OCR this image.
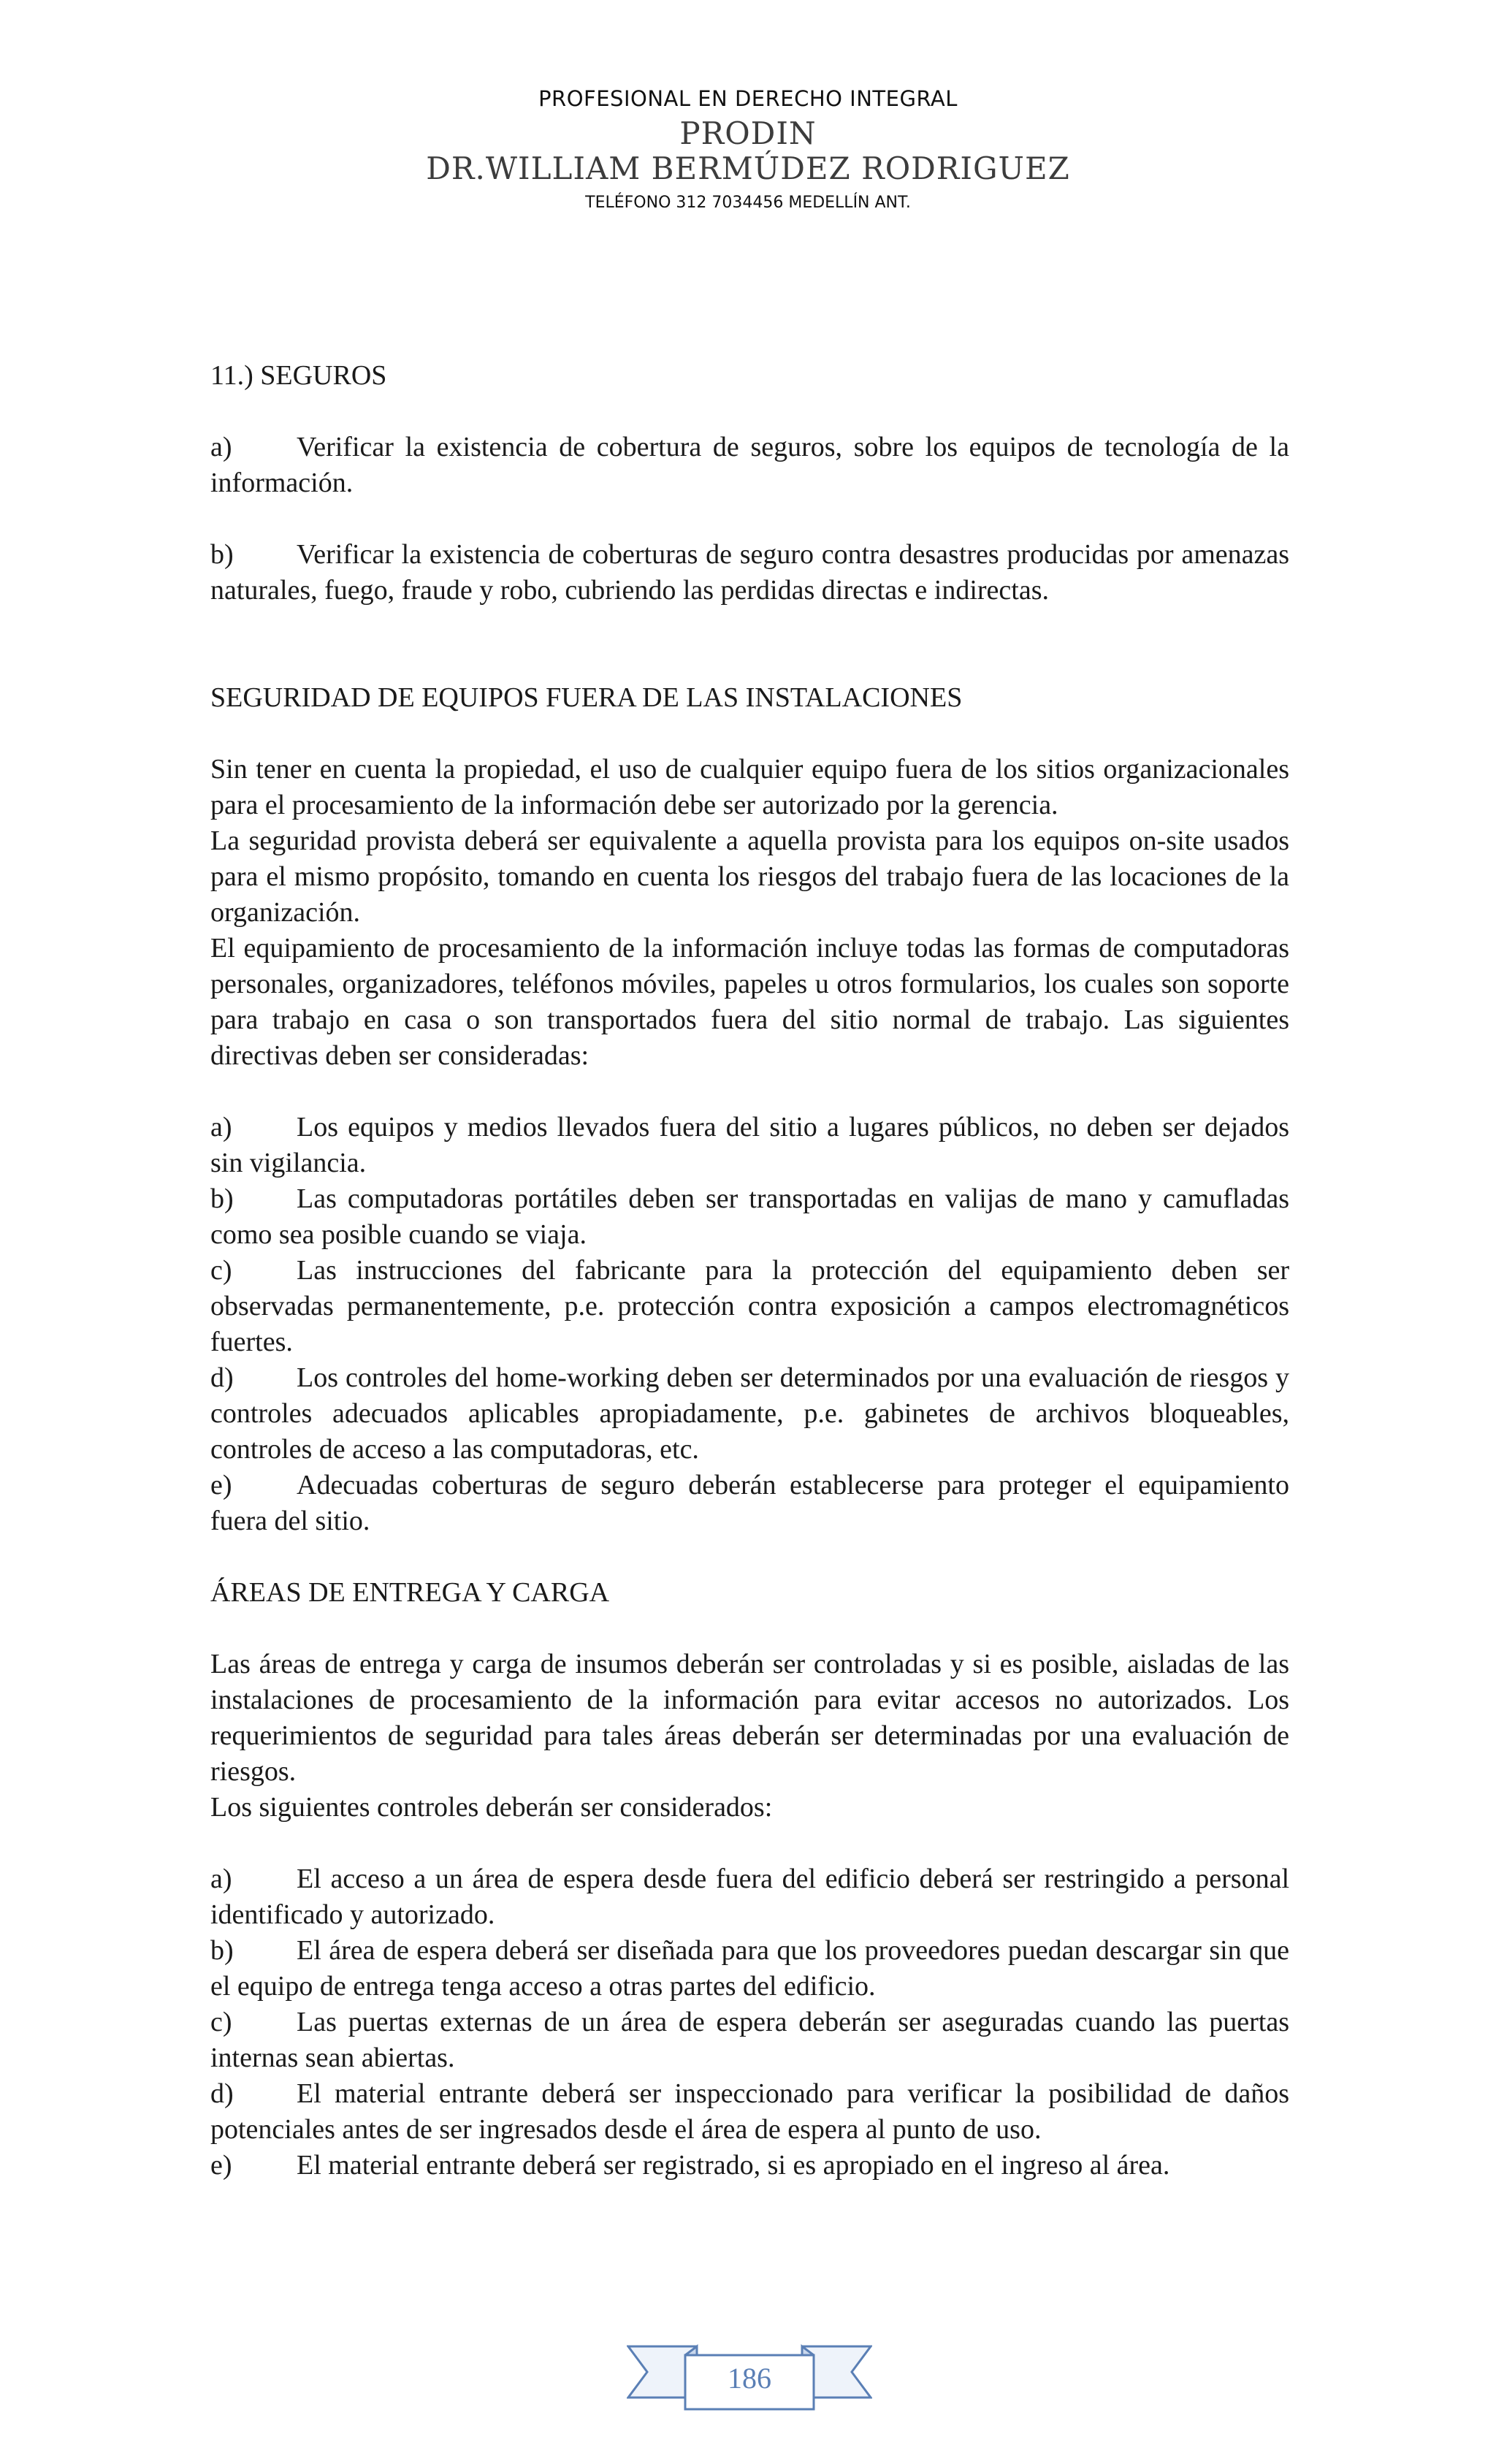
PROFESIONAL EN DERECHO INTEGRAL
PRODIN
DR.WILLIAM BERMÚDEZ RODRIGUEZ
TELÉFONO 312 7034456 MEDELLÍN ANT.

11.) SEGUROS

a) Verificar la existencia de cobertura de seguros, sobre los equipos de tecnología de la información.

b) Verificar la existencia de coberturas de seguro contra desastres producidas por amenazas naturales, fuego, fraude y robo, cubriendo las perdidas directas e indirectas.

SEGURIDAD DE EQUIPOS FUERA DE LAS INSTALACIONES

Sin tener en cuenta la propiedad, el uso de cualquier equipo fuera de los sitios organizacionales para el procesamiento de la información debe ser autorizado por la gerencia.

La seguridad provista deberá ser equivalente a aquella provista para los equipos on-site usados para el mismo propósito, tomando en cuenta los riesgos del trabajo fuera de las locaciones de la organización.

El equipamiento de procesamiento de la información incluye todas las formas de computadoras personales, organizadores, teléfonos móviles, papeles u otros formularios, los cuales son soporte para trabajo en casa o son transportados fuera del sitio normal de trabajo. Las siguientes directivas deben ser consideradas:

a) Los equipos y medios llevados fuera del sitio a lugares públicos, no deben ser dejados sin vigilancia.

b) Las computadoras portátiles deben ser transportadas en valijas de mano y camufladas como sea posible cuando se viaja.

c) Las instrucciones del fabricante para la protección del equipamiento deben ser observadas permanentemente, p.e. protección contra exposición a campos electromagnéticos fuertes.

d) Los controles del home-working deben ser determinados por una evaluación de riesgos y controles adecuados aplicables apropiadamente, p.e. gabinetes de archivos bloqueables, controles de acceso a las computadoras, etc.

e) Adecuadas coberturas de seguro deberán establecerse para proteger el equipamiento fuera del sitio.

ÁREAS DE ENTREGA Y CARGA

Las áreas de entrega y carga de insumos deberán ser controladas y si es posible, aisladas de las instalaciones de procesamiento de la información para evitar accesos no autorizados. Los requerimientos de seguridad para tales áreas deberán ser determinadas por una evaluación de riesgos.

Los siguientes controles deberán ser considerados:

a) El acceso a un área de espera desde fuera del edificio deberá ser restringido a personal identificado y autorizado.

b) El área de espera deberá ser diseñada para que los proveedores puedan descargar sin que el equipo de entrega tenga acceso a otras partes del edificio.

c) Las puertas externas de un área de espera deberán ser aseguradas cuando las puertas internas sean abiertas.

d) El material entrante deberá ser inspeccionado para verificar la posibilidad de daños potenciales antes de ser ingresados desde el área de espera al punto de uso.

e) El material entrante deberá ser registrado, si es apropiado en el ingreso al área.

186
